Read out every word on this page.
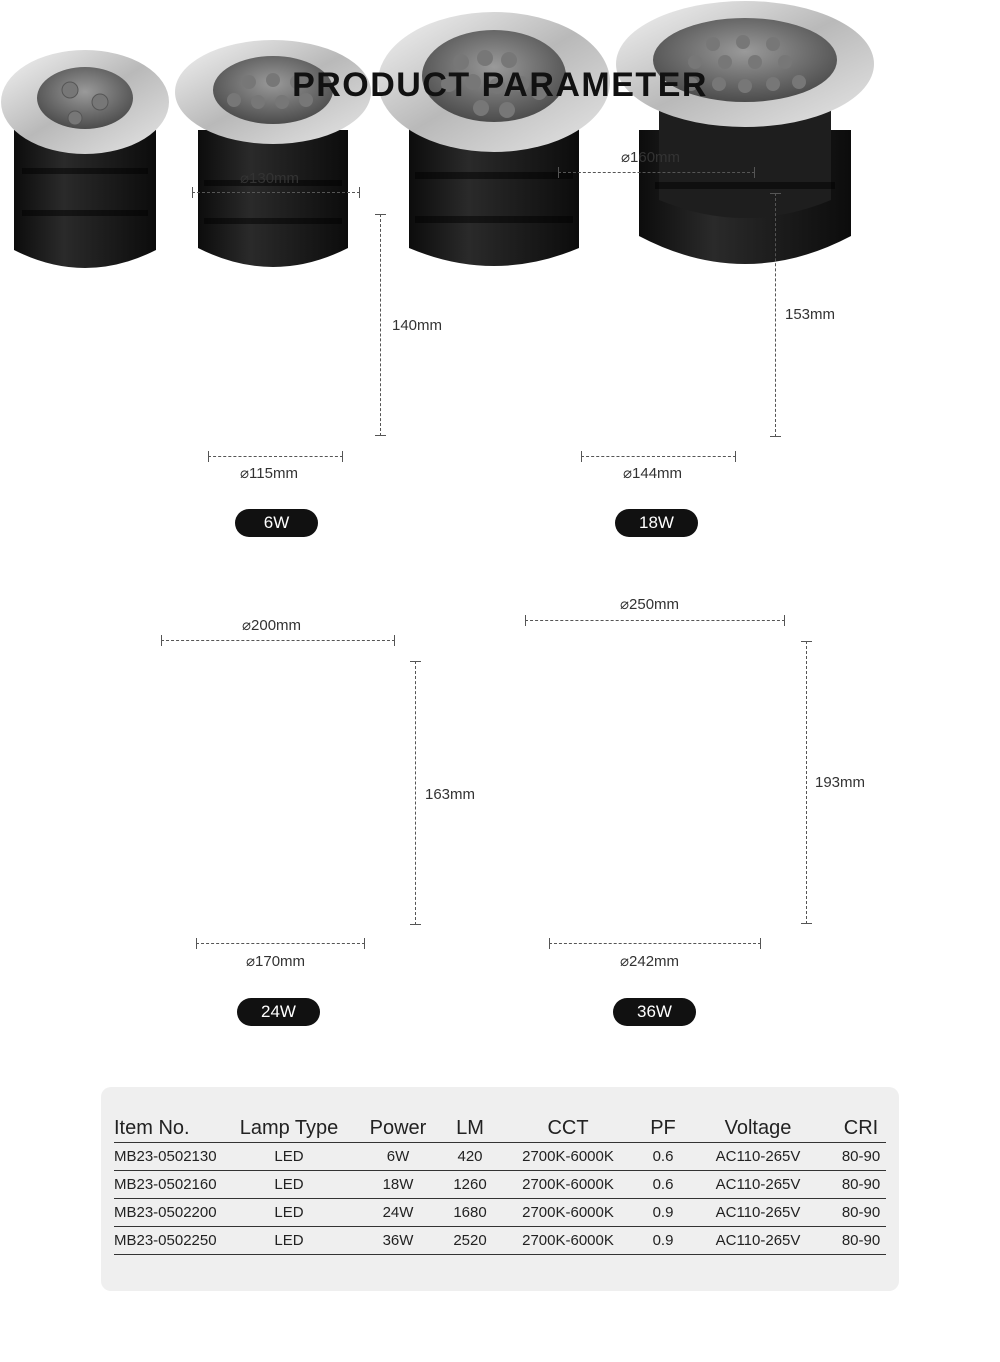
PRODUCT PARAMETER
⌀130mm

140mm
⌀115mm
6W
⌀160mm

153mm
⌀144mm
18W
⌀200mm

163mm
⌀170mm
24W
⌀250mm
193mm
⌀242mm
36W
Item No.	Lamp Type	Power	LM	CCT	PF	Voltage	CRI
MB23-0502130	LED	6W	420	2700K-6000K	0.6	AC110-265V	80-90
MB23-0502160	LED	18W	1260	2700K-6000K	0.6	AC110-265V	80-90
MB23-0502200	LED	24W	1680	2700K-6000K	0.9	AC110-265V	80-90
MB23-0502250	LED	36W	2520	2700K-6000K	0.9	AC110-265V	80-90
